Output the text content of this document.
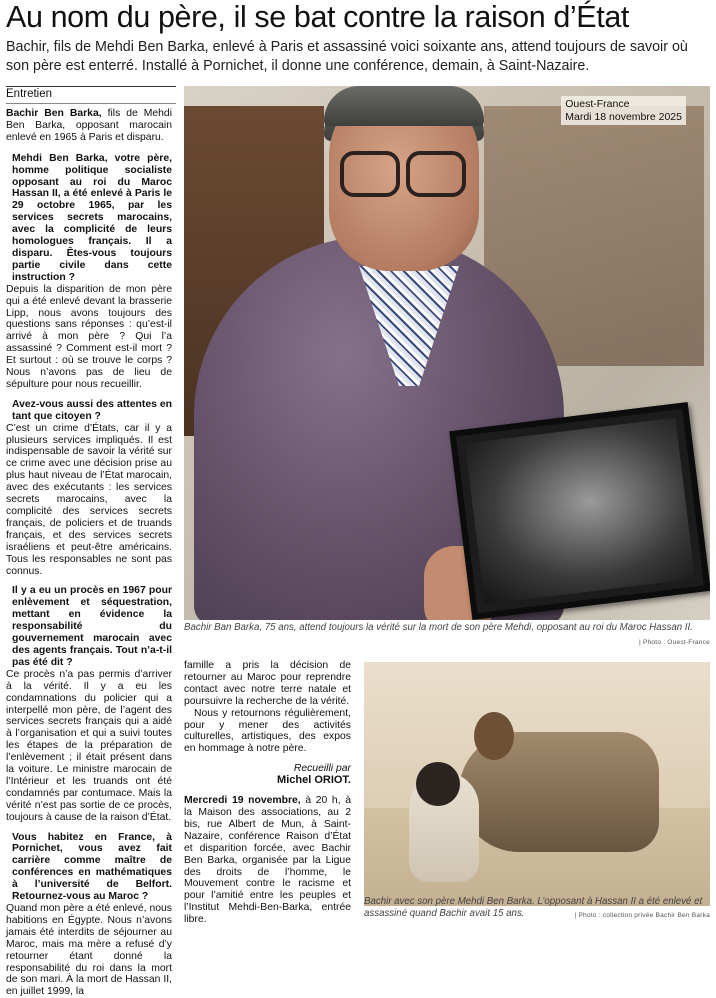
Au nom du père, il se bat contre la raison d’État
Bachir, fils de Mehdi Ben Barka, enlevé à Paris et assassiné voici soixante ans, attend toujours de savoir où son père est enterré. Installé à Pornichet, il donne une conférence, demain, à Saint-Nazaire.
Entretien

Bachir Ben Barka, fils de Mehdi Ben Barka, opposant marocain enlevé en 1965 à Paris et disparu.

Mehdi Ben Barka, votre père, homme politique socialiste opposant au roi du Maroc Hassan II, a été enlevé à Paris le 29 octobre 1965, par les services secrets marocains, avec la complicité de leurs homologues français. Il a disparu. Êtes-vous toujours partie civile dans cette instruction ?

Depuis la disparition de mon père qui a été enlevé devant la brasserie Lipp, nous avons toujours des questions sans réponses : qu’est-il arrivé à mon père ? Qui l’a assassiné ? Comment est-il mort ? Et surtout : où se trouve le corps ? Nous n’avons pas de lieu de sépulture pour nous recueillir.

Avez-vous aussi des attentes en tant que citoyen ?

C’est un crime d’États, car il y a plusieurs services impliqués. Il est indispensable de savoir la vérité sur ce crime avec une décision prise au plus haut niveau de l’État marocain, avec des exécutants : les services secrets marocains, avec la complicité des services secrets français, de policiers et de truands français, et des services secrets israéliens et peut-être américains. Tous les responsables ne sont pas connus.

Il y a eu un procès en 1967 pour enlèvement et séquestration, mettant en évidence la responsabilité du gouvernement marocain avec des agents français. Tout n’a-t-il pas été dit ?

Ce procès n’a pas permis d’arriver à la vérité. Il y a eu les condamnations du policier qui a interpellé mon père, de l’agent des services secrets français qui a aidé à l’organisation et qui a suivi toutes les étapes de la préparation de l’enlèvement ; il était présent dans la voiture. Le ministre marocain de l’Intérieur et les truands ont été condamnés par contumace. Mais la vérité n’est pas sortie de ce procès, toujours à cause de la raison d’État.

Vous habitez en France, à Pornichet, vous avez fait carrière comme maître de conférences en mathématiques à l’université de Belfort. Retournez-vous au Maroc ?

Quand mon père a été enlevé, nous habitions en Égypte. Nous n’avons jamais été interdits de séjourner au Maroc, mais ma mère a refusé d’y retourner étant donné la responsabilité du roi dans la mort de son mari. À la mort de Hassan II, en juillet 1999, la

famille a pris la décision de retourner au Maroc pour reprendre contact avec notre terre natale et poursuivre la recherche de la vérité.

Nous y retournons régulièrement, pour y mener des activités culturelles, artistiques, des expos en hommage à notre père.

Recueilli par

Michel ORIOT.

Mercredi 19 novembre, à 20 h, à la Maison des associations, au 2 bis, rue Albert de Mun, à Saint-Nazaire, conférence Raison d’État et disparition forcée, avec Bachir Ben Barka, organisée par la Ligue des droits de l’homme, le Mouvement contre le racisme et pour l’amitié entre les peuples et l’Institut Mehdi-Ben-Barka, entrée libre.

Ouest-France
Mardi 18 novembre 2025
Bachir Ban Barka, 75 ans, attend toujours la vérité sur la mort de son père Mehdi, opposant au roi du Maroc Hassan II.
| Photo : Ouest-France
Bachir avec son père Mehdi Ben Barka. L’opposant à Hassan II a été enlevé et assassiné quand Bachir avait 15 ans.	| Photo : collection privée Bachir Ben Barka
